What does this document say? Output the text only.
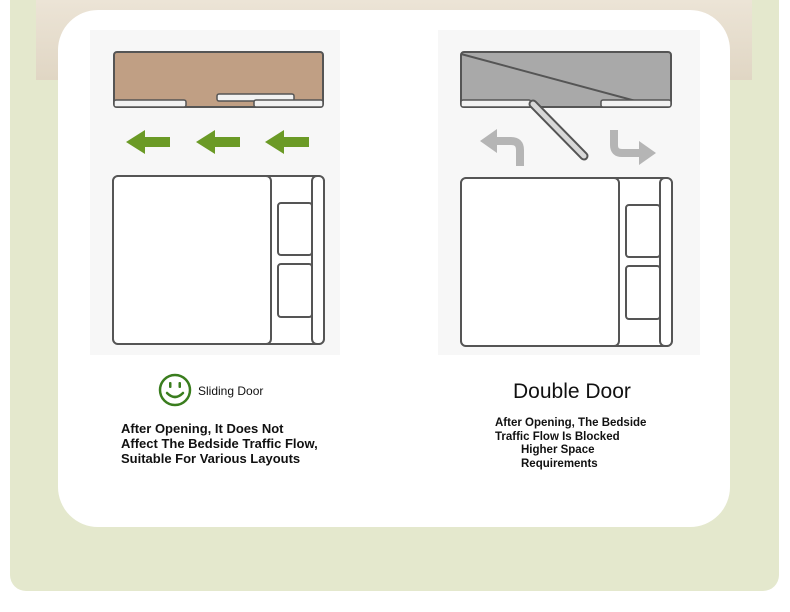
Sliding Door	Double Door
After Opening, It Does Not
Affect The Bedside Traffic Flow,
Suitable For Various Layouts
After Opening, The Bedside
Traffic Flow Is Blocked
Higher Space
Requirements
